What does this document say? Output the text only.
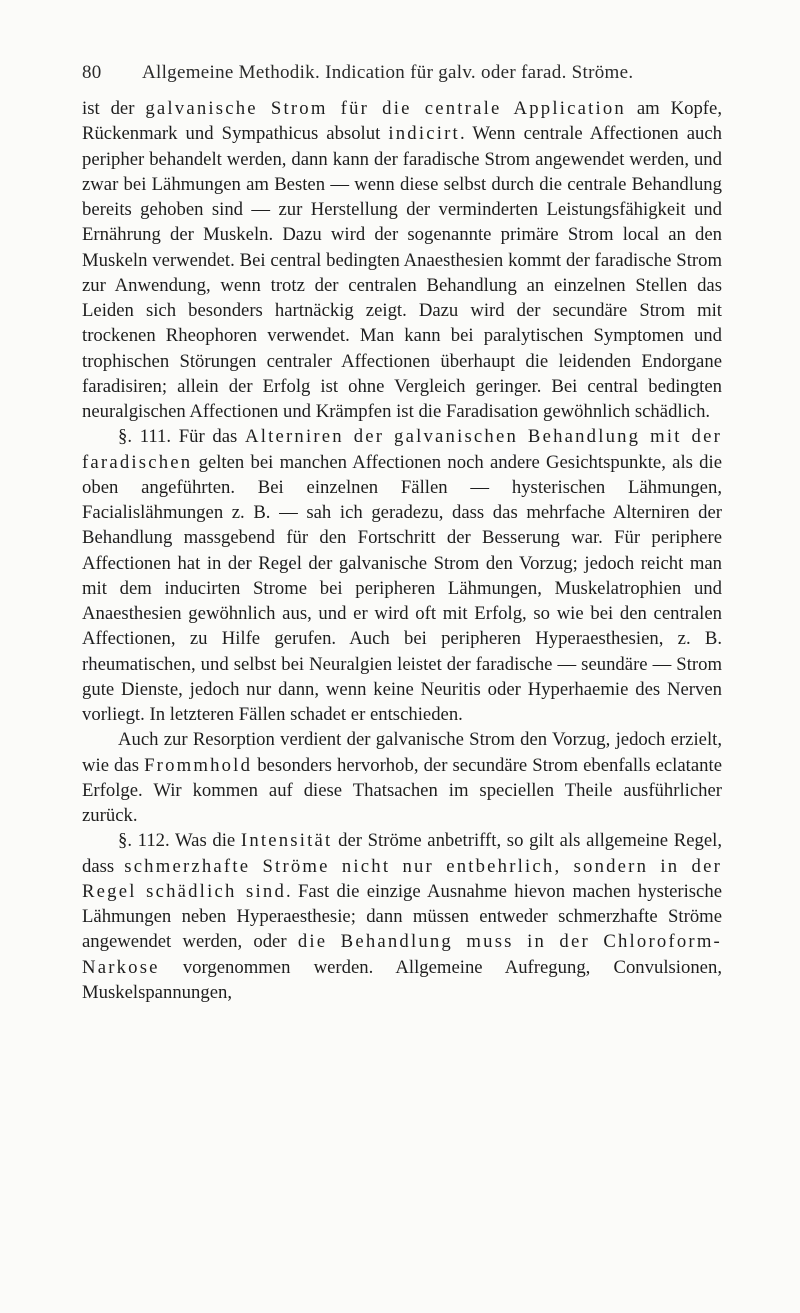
80 Allgemeine Methodik. Indication für galv. oder farad. Ströme.

ist der galvanische Strom für die centrale Application am Kopfe, Rückenmark und Sympathicus absolut indicirt. Wenn centrale Affectionen auch peripher behandelt werden, dann kann der faradische Strom angewendet werden, und zwar bei Lähmungen am Besten — wenn diese selbst durch die centrale Behandlung bereits gehoben sind — zur Herstellung der verminderten Leistungsfähigkeit und Ernährung der Muskeln. Dazu wird der sogenannte primäre Strom local an den Muskeln verwendet. Bei central bedingten Anaesthesien kommt der faradische Strom zur Anwendung, wenn trotz der centralen Behandlung an einzelnen Stellen das Leiden sich besonders hartnäckig zeigt. Dazu wird der secundäre Strom mit trockenen Rheophoren verwendet. Man kann bei paralytischen Symptomen und trophischen Störungen centraler Affectionen überhaupt die leidenden Endorgane faradisiren; allein der Erfolg ist ohne Vergleich geringer. Bei central bedingten neuralgischen Affectionen und Krämpfen ist die Faradisation gewöhnlich schädlich.

§. 111. Für das Alterniren der galvanischen Behandlung mit der faradischen gelten bei manchen Affectionen noch andere Gesichtspunkte, als die oben angeführten. Bei einzelnen Fällen — hysterischen Lähmungen, Facialislähmungen z. B. — sah ich geradezu, dass das mehrfache Alterniren der Behandlung massgebend für den Fortschritt der Besserung war. Für periphere Affectionen hat in der Regel der galvanische Strom den Vorzug; jedoch reicht man mit dem inducirten Strome bei peripheren Lähmungen, Muskelatrophien und Anaesthesien gewöhnlich aus, und er wird oft mit Erfolg, so wie bei den centralen Affectionen, zu Hilfe gerufen. Auch bei peripheren Hyperaesthesien, z. B. rheumatischen, und selbst bei Neuralgien leistet der faradische — seundäre — Strom gute Dienste, jedoch nur dann, wenn keine Neuritis oder Hyperhaemie des Nerven vorliegt. In letzteren Fällen schadet er entschieden.

Auch zur Resorption verdient der galvanische Strom den Vorzug, jedoch erzielt, wie das Frommhold besonders hervorhob, der secundäre Strom ebenfalls eclatante Erfolge. Wir kommen auf diese Thatsachen im speciellen Theile ausführlicher zurück.

§. 112. Was die Intensität der Ströme anbetrifft, so gilt als allgemeine Regel, dass schmerzhafte Ströme nicht nur entbehrlich, sondern in der Regel schädlich sind. Fast die einzige Ausnahme hievon machen hysterische Lähmungen neben Hyperaesthesie; dann müssen entweder schmerzhafte Ströme angewendet werden, oder die Behandlung muss in der Chloroform-Narkose vorgenommen werden. Allgemeine Aufregung, Convulsionen, Muskelspannungen,
